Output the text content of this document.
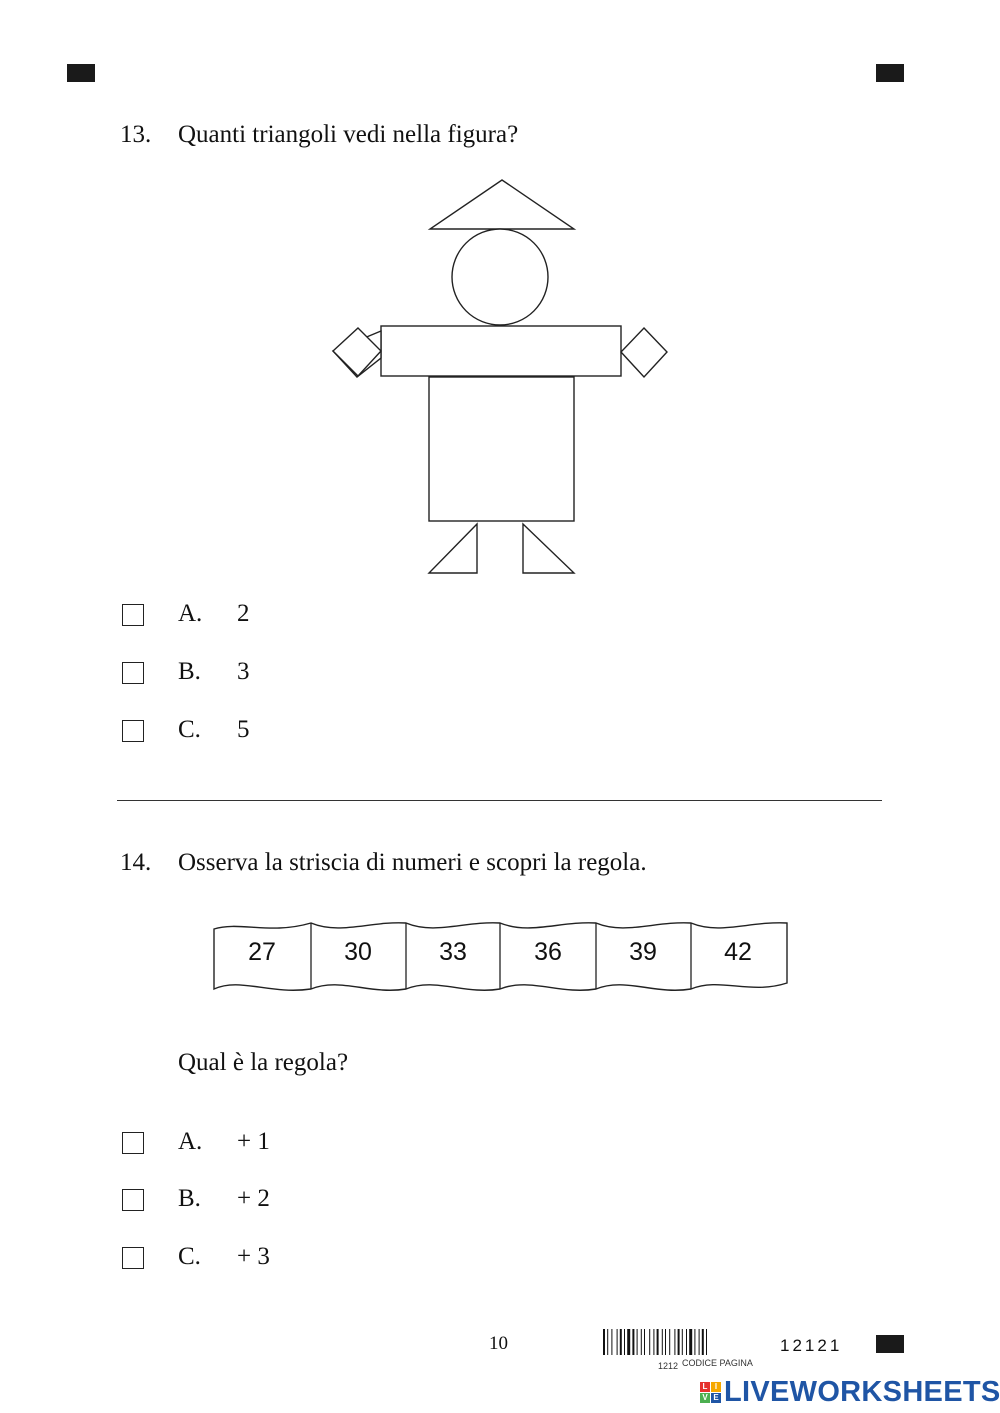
13. Quanti triangoli vedi nella figura?
A. 2
B. 3
C. 5
14. Osserva la striscia di numeri e scopri la regola.
27	30	33	36	39	42
Qual è la regola?
A. + 1
B. + 2
C. + 3
10	12121
1212 CODICE PAGINA
L I
V E LIVEWORKSHEETS
